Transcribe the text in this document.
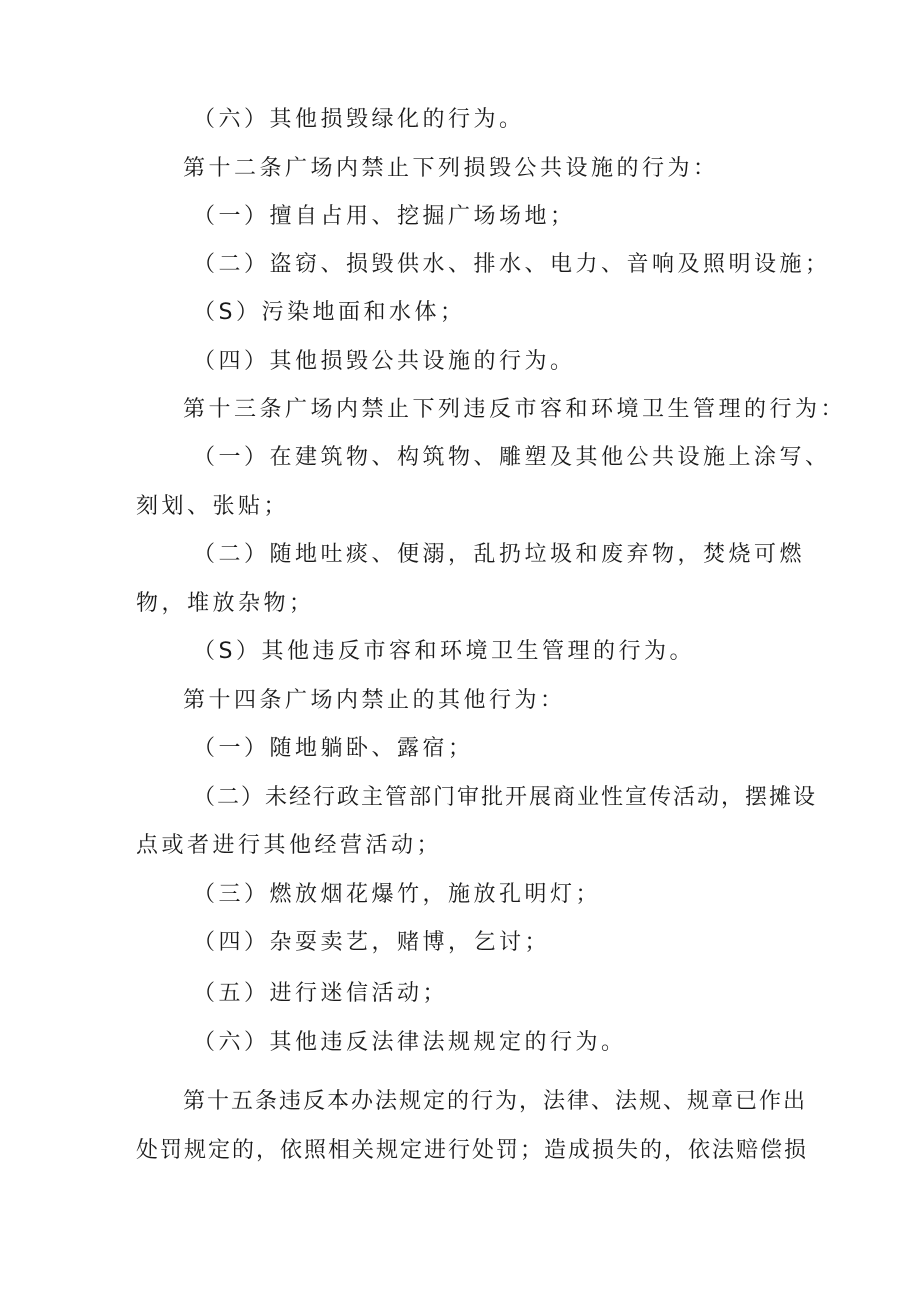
（六）其他损毁绿化的行为。
第十二条广场内禁止下列损毁公共设施的行为：
（一）擅自占用、挖掘广场场地；
（二）盗窃、损毁供水、排水、电力、音响及照明设施；
（S）污染地面和水体；
（四）其他损毁公共设施的行为。
第十三条广场内禁止下列违反市容和环境卫生管理的行为：
（一）在建筑物、构筑物、雕塑及其他公共设施上涂写、
刻划、张贴；
（二）随地吐痰、便溺，乱扔垃圾和废弃物，焚烧可燃
物，堆放杂物；
（S）其他违反市容和环境卫生管理的行为。
第十四条广场内禁止的其他行为：
（一）随地躺卧、露宿；
（二）未经行政主管部门审批开展商业性宣传活动，摆摊设
点或者进行其他经营活动；
（三）燃放烟花爆竹，施放孔明灯；
（四）杂耍卖艺，赌博，乞讨；
（五）进行迷信活动；
（六）其他违反法律法规规定的行为。
第十五条违反本办法规定的行为，法律、法规、规章已作出
处罚规定的，依照相关规定进行处罚；造成损失的，依法赔偿损
